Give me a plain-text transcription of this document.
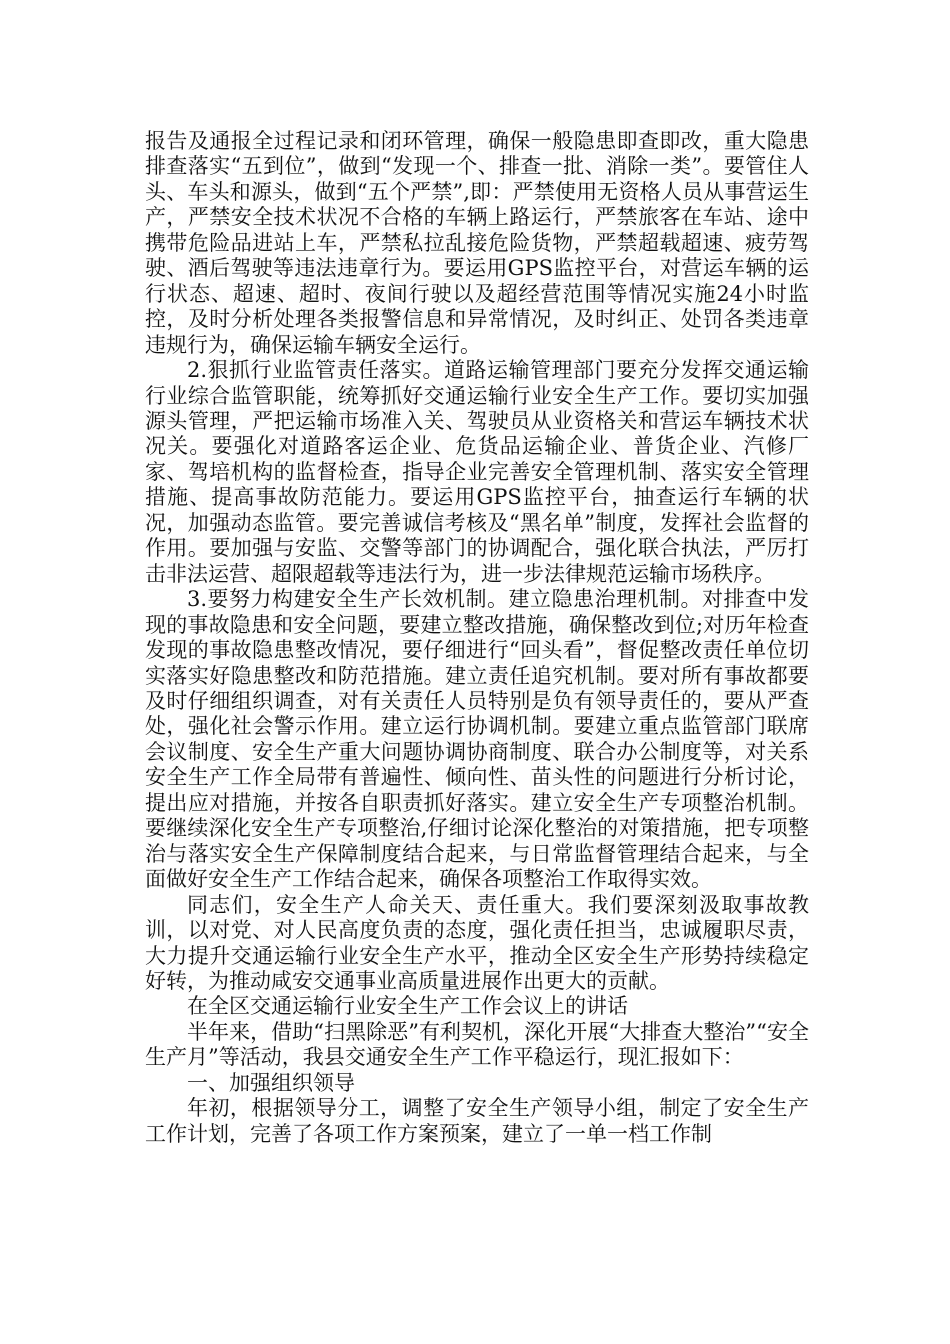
报告及通报全过程记录和闭环管理，确保一般隐患即查即改，重大隐患排查落实“五到位”，做到“发现一个、排查一批、消除一类”。要管住人头、车头和源头，做到“五个严禁”,即：严禁使用无资格人员从事营运生产，严禁安全技术状况不合格的车辆上路运行，严禁旅客在车站、途中携带危险品进站上车，严禁私拉乱接危险货物，严禁超载超速、疲劳驾驶、酒后驾驶等违法违章行为。要运用GPS监控平台，对营运车辆的运行状态、超速、超时、夜间行驶以及超经营范围等情况实施24小时监控，及时分析处理各类报警信息和异常情况，及时纠正、处罚各类违章违规行为，确保运输车辆安全运行。

2.狠抓行业监管责任落实。道路运输管理部门要充分发挥交通运输行业综合监管职能，统筹抓好交通运输行业安全生产工作。要切实加强源头管理，严把运输市场准入关、驾驶员从业资格关和营运车辆技术状况关。要强化对道路客运企业、危货品运输企业、普货企业、汽修厂家、驾培机构的监督检查，指导企业完善安全管理机制、落实安全管理措施、提高事故防范能力。要运用GPS监控平台，抽查运行车辆的状况，加强动态监管。要完善诚信考核及“黑名单”制度，发挥社会监督的作用。要加强与安监、交警等部门的协调配合，强化联合执法，严厉打击非法运营、超限超载等违法行为，进一步法律规范运输市场秩序。

3.要努力构建安全生产长效机制。建立隐患治理机制。对排查中发现的事故隐患和安全问题，要建立整改措施，确保整改到位;对历年检查发现的事故隐患整改情况，要仔细进行“回头看”，督促整改责任单位切实落实好隐患整改和防范措施。建立责任追究机制。要对所有事故都要及时仔细组织调查，对有关责任人员特别是负有领导责任的，要从严查处，强化社会警示作用。建立运行协调机制。要建立重点监管部门联席会议制度、安全生产重大问题协调协商制度、联合办公制度等，对关系安全生产工作全局带有普遍性、倾向性、苗头性的问题进行分析讨论，提出应对措施，并按各自职责抓好落实。建立安全生产专项整治机制。要继续深化安全生产专项整治,仔细讨论深化整治的对策措施，把专项整治与落实安全生产保障制度结合起来，与日常监督管理结合起来，与全面做好安全生产工作结合起来，确保各项整治工作取得实效。

同志们，安全生产人命关天、责任重大。我们要深刻汲取事故教训，以对党、对人民高度负责的态度，强化责任担当，忠诚履职尽责，大力提升交通运输行业安全生产水平，推动全区安全生产形势持续稳定好转，为推动咸安交通事业高质量进展作出更大的贡献。

在全区交通运输行业安全生产工作会议上的讲话

半年来，借助“扫黑除恶”有利契机，深化开展“大排查大整治”“安全生产月”等活动，我县交通安全生产工作平稳运行，现汇报如下：

一、加强组织领导

年初，根据领导分工，调整了安全生产领导小组，制定了安全生产工作计划，完善了各项工作方案预案，建立了一单一档工作制
